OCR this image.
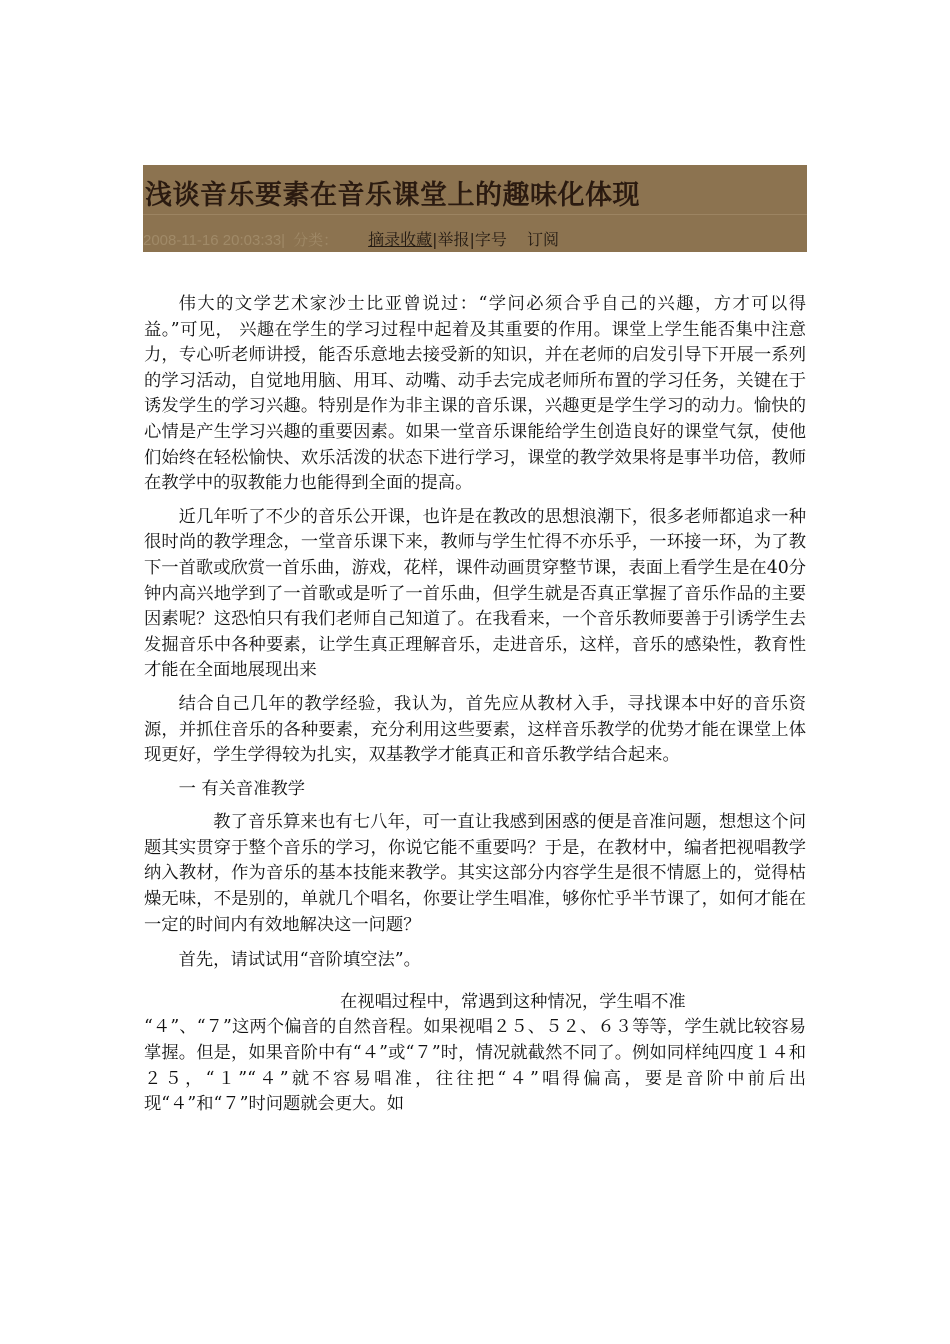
浅谈音乐要素在音乐课堂上的趣味化体现
2008-11-16 20:03:33| 分类： 摘录收藏|举报|字号 订阅

伟大的文学艺术家沙士比亚曾说过：“学问必须合乎自己的兴趣，方才可以得益。”可见， 兴趣在学生的学习过程中起着及其重要的作用。课堂上学生能否集中注意力，专心听老师讲授，能否乐意地去接受新的知识，并在老师的启发引导下开展一系列的学习活动，自觉地用脑、用耳、动嘴、动手去完成老师所布置的学习任务，关键在于诱发学生的学习兴趣。特别是作为非主课的音乐课，兴趣更是学生学习的动力。愉快的心情是产生学习兴趣的重要因素。如果一堂音乐课能给学生创造良好的课堂气氛，使他们始终在轻松愉快、欢乐活泼的状态下进行学习，课堂的教学效果将是事半功倍，教师在教学中的驭教能力也能得到全面的提高。

近几年听了不少的音乐公开课，也许是在教改的思想浪潮下，很多老师都追求一种很时尚的教学理念，一堂音乐课下来，教师与学生忙得不亦乐乎，一环接一环，为了教下一首歌或欣赏一首乐曲，游戏，花样，课件动画贯穿整节课，表面上看学生是在40分钟内高兴地学到了一首歌或是听了一首乐曲，但学生就是否真正掌握了音乐作品的主要因素呢？这恐怕只有我们老师自己知道了。在我看来，一个音乐教师要善于引诱学生去发掘音乐中各种要素，让学生真正理解音乐，走进音乐，这样，音乐的感染性，教育性才能在全面地展现出来

结合自己几年的教学经验，我认为，首先应从教材入手，寻找课本中好的音乐资源，并抓住音乐的各种要素，充分利用这些要素，这样音乐教学的优势才能在课堂上体现更好，学生学得较为扎实，双基教学才能真正和音乐教学结合起来。

一 有关音准教学

教了音乐算来也有七八年，可一直让我感到困惑的便是音准问题，想想这个问题其实贯穿于整个音乐的学习，你说它能不重要吗？于是，在教材中，编者把视唱教学纳入教材，作为音乐的基本技能来教学。其实这部分内容学生是很不情愿上的，觉得枯燥无味，不是别的，单就几个唱名，你要让学生唱准，够你忙乎半节课了，如何才能在一定的时间内有效地解决这一问题？

首先，请试试用“音阶填空法”。

在视唱过程中，常遇到这种情况，学生唱不准
“４”、“７”这两个偏音的自然音程。如果视唱２５、５２、６３等等，学生就比较容易掌握。但是，如果音阶中有“４”或“７”时，情况就截然不同了。例如同样纯四度１４和２５，“１”“４”就不容易唱准，往往把“４”唱得偏高，要是音阶中前后出现“４”和“７”时问题就会更大。如
